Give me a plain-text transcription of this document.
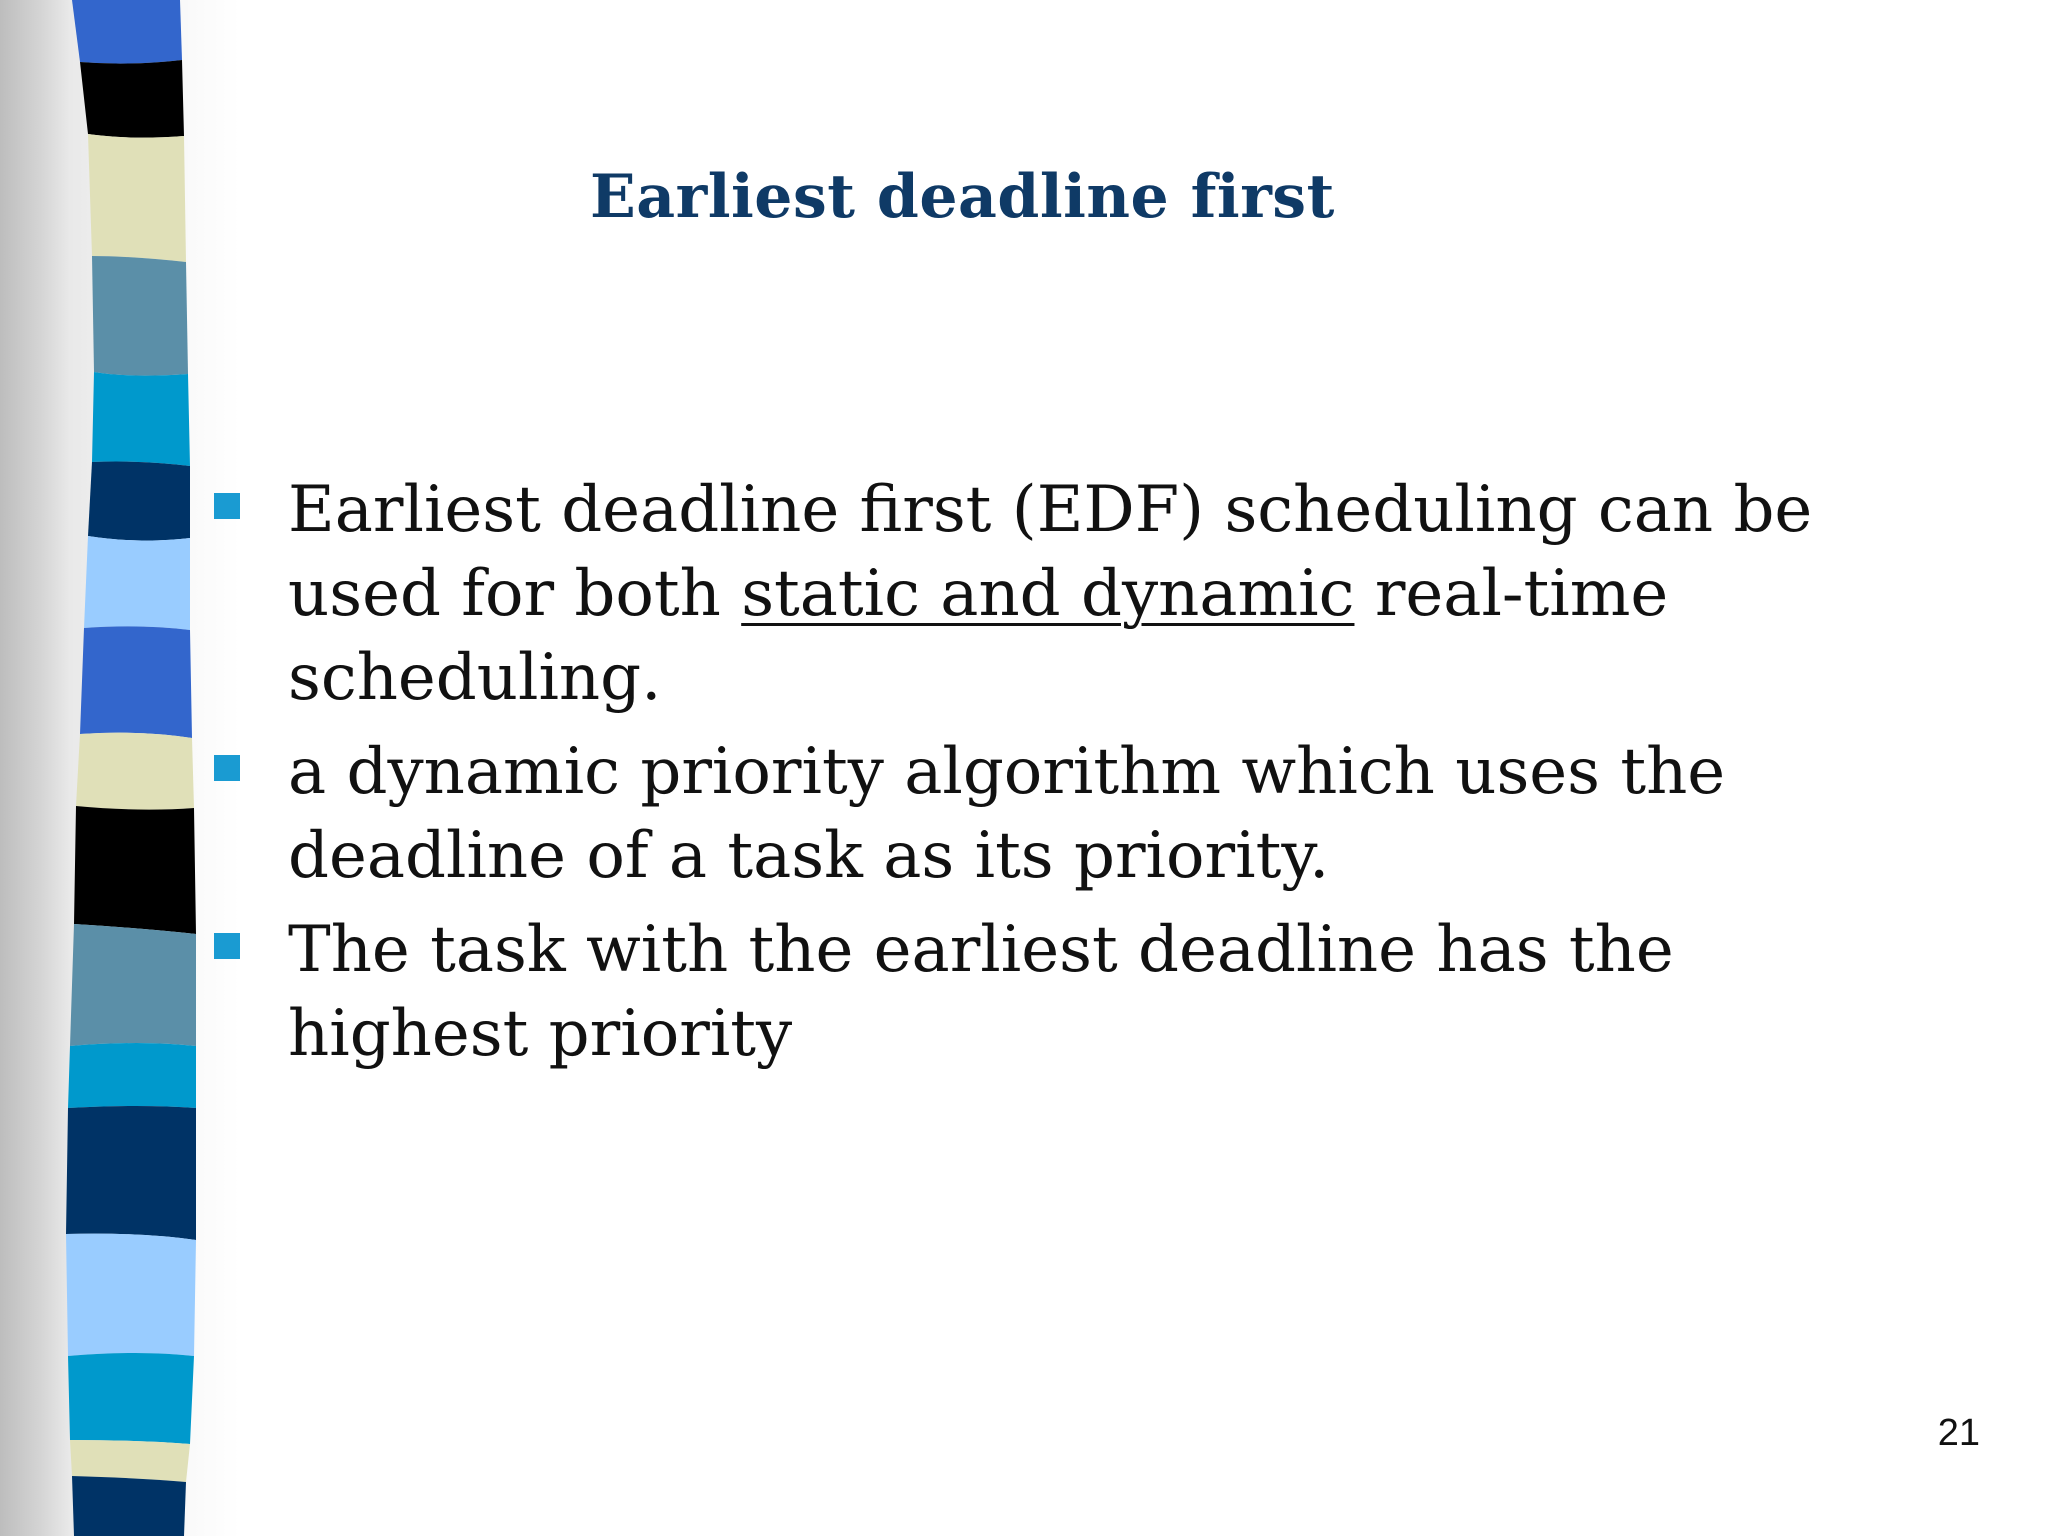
Earliest deadline first
Earliest deadline first (EDF) scheduling can be used for both static and dynamic real-time scheduling.
a dynamic priority algorithm which uses the deadline of a task as its priority.
The task with the earliest deadline has the highest priority
21
